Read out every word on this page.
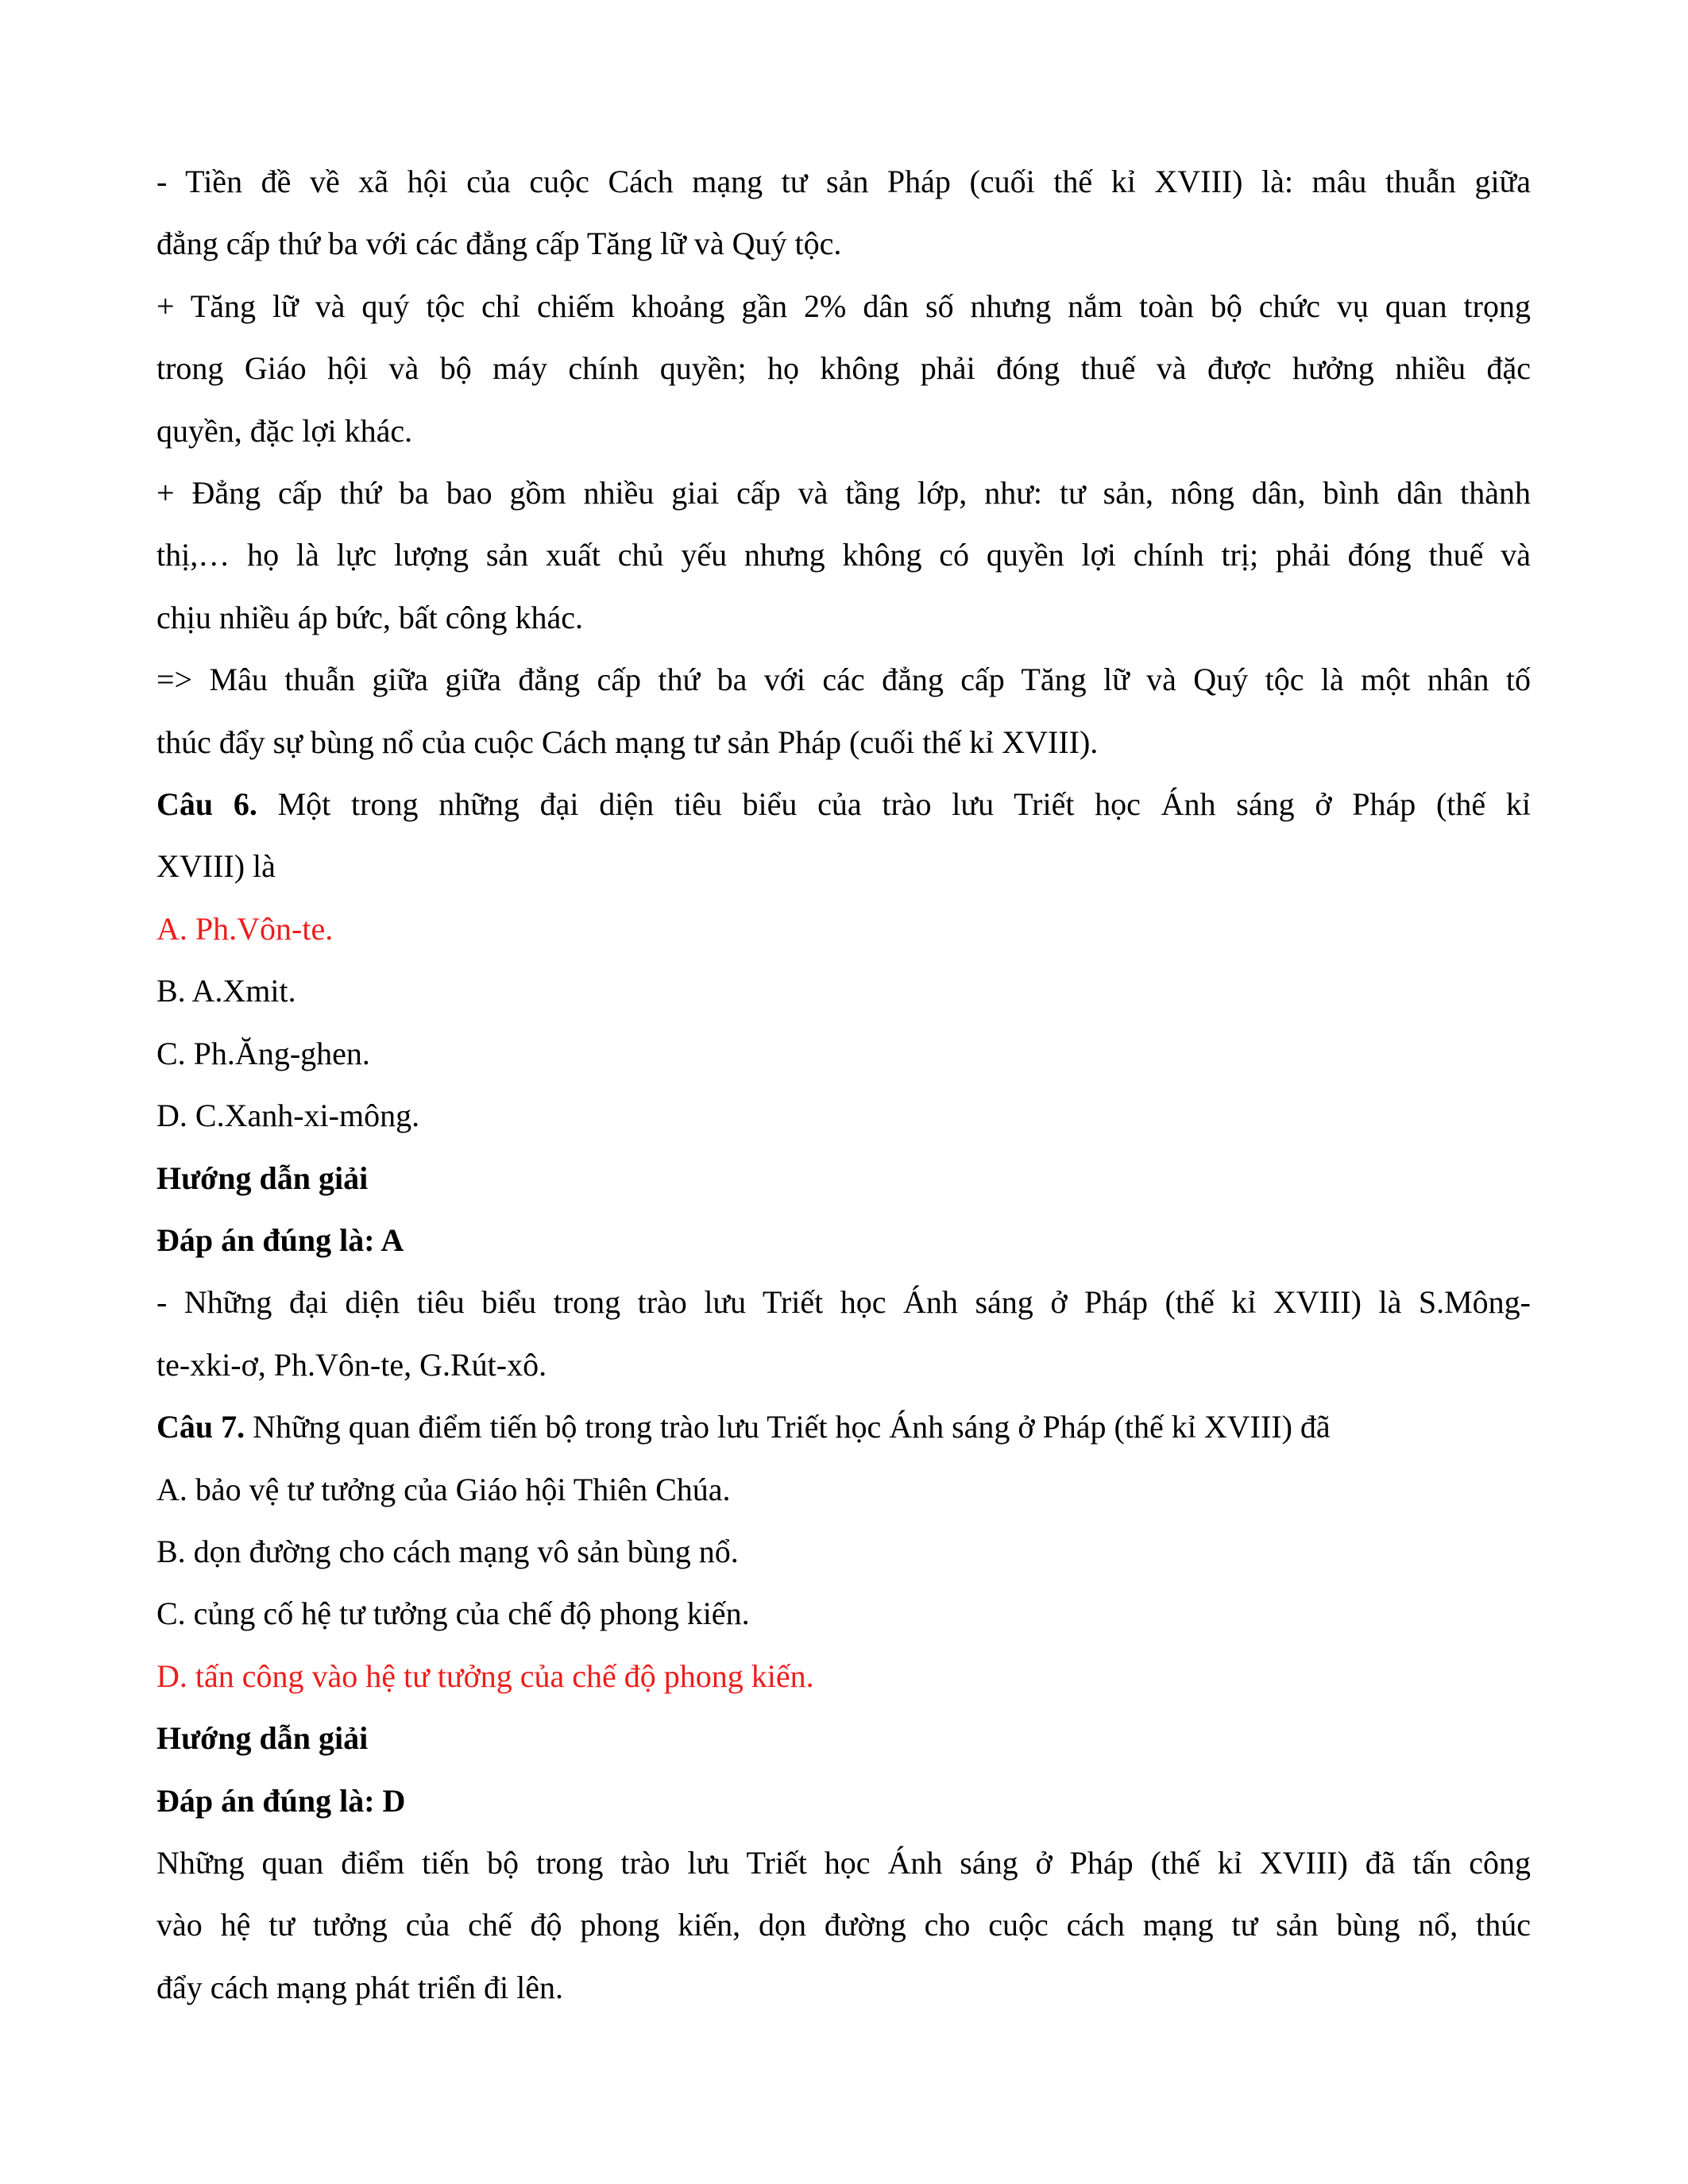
- Tiền đề về xã hội của cuộc Cách mạng tư sản Pháp (cuối thế kỉ XVIII) là: mâu thuẫn giữa

đẳng cấp thứ ba với các đẳng cấp Tăng lữ và Quý tộc.

+ Tăng lữ và quý tộc chỉ chiếm khoảng gần 2% dân số nhưng nắm toàn bộ chức vụ quan trọng

trong Giáo hội và bộ máy chính quyền; họ không phải đóng thuế và được hưởng nhiều đặc

quyền, đặc lợi khác.

+ Đẳng cấp thứ ba bao gồm nhiều giai cấp và tầng lớp, như: tư sản, nông dân, bình dân thành

thị,… họ là lực lượng sản xuất chủ yếu nhưng không có quyền lợi chính trị; phải đóng thuế và

chịu nhiều áp bức, bất công khác.

=> Mâu thuẫn giữa giữa đẳng cấp thứ ba với các đẳng cấp Tăng lữ và Quý tộc là một nhân tố

thúc đẩy sự bùng nổ của cuộc Cách mạng tư sản Pháp (cuối thế kỉ XVIII).

Câu 6. Một trong những đại diện tiêu biểu của trào lưu Triết học Ánh sáng ở Pháp (thế kỉ

XVIII) là

A. Ph.Vôn-te.

B. A.Xmit.

C. Ph.Ăng-ghen.

D. C.Xanh-xi-mông.

Hướng dẫn giải

Đáp án đúng là: A

- Những đại diện tiêu biểu trong trào lưu Triết học Ánh sáng ở Pháp (thế kỉ XVIII) là S.Mông-

te-xki-ơ, Ph.Vôn-te, G.Rút-xô.

Câu 7. Những quan điểm tiến bộ trong trào lưu Triết học Ánh sáng ở Pháp (thế kỉ XVIII) đã

A. bảo vệ tư tưởng của Giáo hội Thiên Chúa.

B. dọn đường cho cách mạng vô sản bùng nổ.

C. củng cố hệ tư tưởng của chế độ phong kiến.

D. tấn công vào hệ tư tưởng của chế độ phong kiến.

Hướng dẫn giải

Đáp án đúng là: D

Những quan điểm tiến bộ trong trào lưu Triết học Ánh sáng ở Pháp (thế kỉ XVIII) đã tấn công

vào hệ tư tưởng của chế độ phong kiến, dọn đường cho cuộc cách mạng tư sản bùng nổ, thúc

đẩy cách mạng phát triển đi lên.
